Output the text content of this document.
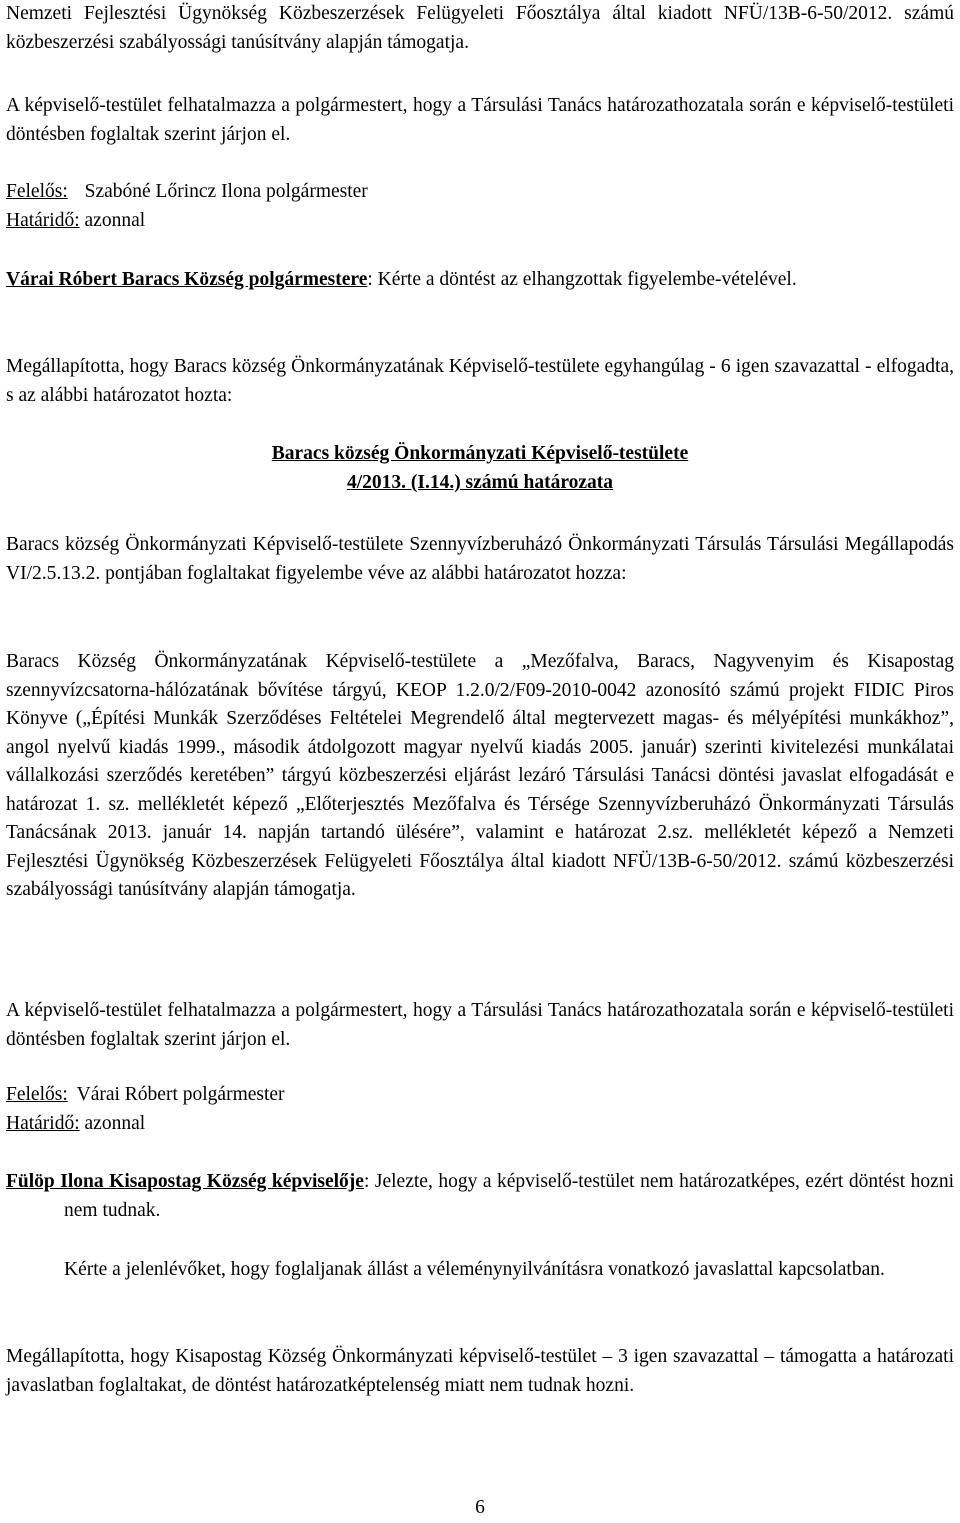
Nemzeti Fejlesztési Ügynökség Közbeszerzések Felügyeleti Főosztálya által kiadott NFÜ/13B-6-50/2012. számú közbeszerzési szabályossági tanúsítvány alapján támogatja.

A képviselő-testület felhatalmazza a polgármestert, hogy a Társulási Tanács határozathozatala során e képviselő-testületi döntésben foglaltak szerint járjon el.

Felelős: Szabóné Lőrincz Ilona polgármester
Határidő: azonnal

Várai Róbert Baracs Község polgármestere: Kérte a döntést az elhangzottak figyelembe-vételével.

Megállapította, hogy Baracs község Önkormányzatának Képviselő-testülete egyhangúlag - 6 igen szavazattal - elfogadta, s az alábbi határozatot hozta:

Baracs község Önkormányzati Képviselő-testülete

4/2013. (I.14.) számú határozata

Baracs község Önkormányzati Képviselő-testülete Szennyvízberuházó Önkormányzati Társulás Társulási Megállapodás VI/2.5.13.2. pontjában foglaltakat figyelembe véve az alábbi határozatot hozza:

Baracs Község Önkormányzatának Képviselő-testülete a „Mezőfalva, Baracs, Nagyvenyim és Kisapostag szennyvízcsatorna-hálózatának bővítése tárgyú, KEOP 1.2.0/2/F09-2010-0042 azonosító számú projekt FIDIC Piros Könyve („Építési Munkák Szerződéses Feltételei Megrendelő által megtervezett magas- és mélyépítési munkákhoz”, angol nyelvű kiadás 1999., második átdolgozott magyar nyelvű kiadás 2005. január) szerinti kivitelezési munkálatai vállalkozási szerződés keretében” tárgyú közbeszerzési eljárást lezáró Társulási Tanácsi döntési javaslat elfogadását e határozat 1. sz. mellékletét képező „Előterjesztés Mezőfalva és Térsége Szennyvízberuházó Önkormányzati Társulás Tanácsának 2013. január 14. napján tartandó ülésére”, valamint e határozat 2.sz. mellékletét képező a Nemzeti Fejlesztési Ügynökség Közbeszerzések Felügyeleti Főosztálya által kiadott NFÜ/13B-6-50/2012. számú közbeszerzési szabályossági tanúsítvány alapján támogatja.

A képviselő-testület felhatalmazza a polgármestert, hogy a Társulási Tanács határozathozatala során e képviselő-testületi döntésben foglaltak szerint járjon el.

Felelős: Várai Róbert polgármester
Határidő: azonnal

Fülöp Ilona Kisapostag Község képviselője: Jelezte, hogy a képviselő-testület nem határozatképes, ezért döntést hozni nem tudnak.

Kérte a jelenlévőket, hogy foglaljanak állást a véleménynyilvánításra vonatkozó javaslattal kapcsolatban.

Megállapította, hogy Kisapostag Község Önkormányzati képviselő-testület – 3 igen szavazattal – támogatta a határozati javaslatban foglaltakat, de döntést határozatképtelenség miatt nem tudnak hozni.

6
